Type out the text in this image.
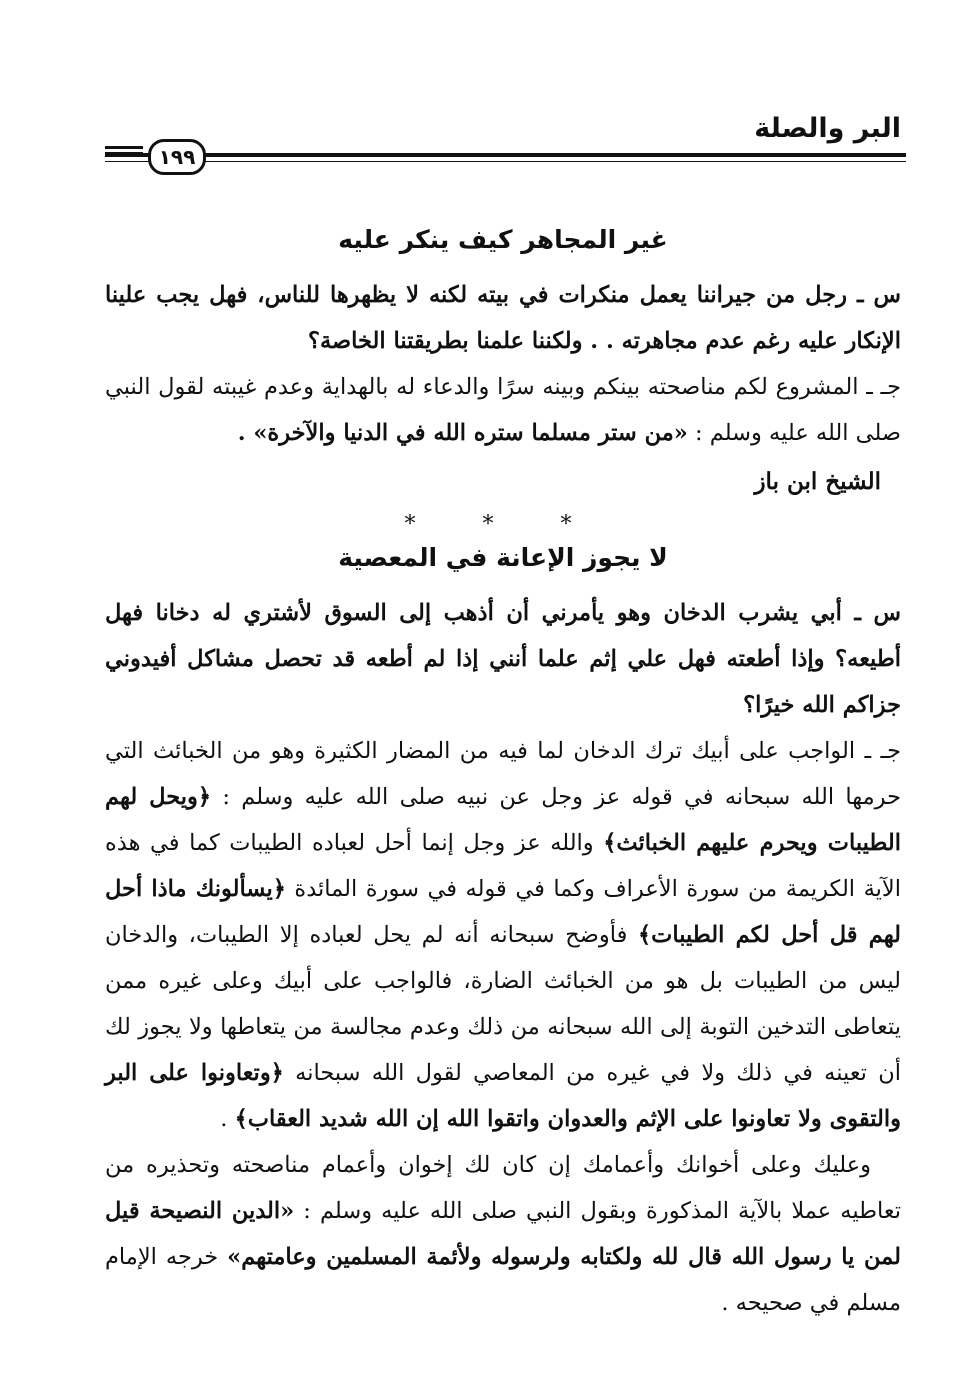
البر والصلة
١٩٩
غير المجاهر كيف ينكر عليه

س ـ رجل من جيراننا يعمل منكرات في بيته لكنه لا يظهرها للناس، فهل يجب علينا الإنكار عليه رغم عدم مجاهرته . . ولكننا علمنا بطريقتنا الخاصة؟

جـ ـ المشروع لكم مناصحته بينكم وبينه سرًا والدعاء له بالهداية وعدم غيبته لقول النبي صلى الله عليه وسلم : «من ستر مسلما ستره الله في الدنيا والآخرة» .

الشيخ ابن باز
* * *
لا يجوز الإعانة في المعصية

س ـ أبي يشرب الدخان وهو يأمرني أن أذهب إلى السوق لأشتري له دخانا فهل أطيعه؟ وإذا أطعته فهل علي إثم علما أنني إذا لم أطعه قد تحصل مشاكل أفيدوني جزاكم الله خيرًا؟

جـ ـ الواجب على أبيك ترك الدخان لما فيه من المضار الكثيرة وهو من الخبائث التي حرمها الله سبحانه في قوله عز وجل عن نبيه صلى الله عليه وسلم : ﴿ويحل لهم الطيبات ويحرم عليهم الخبائث﴾ والله عز وجل إنما أحل لعباده الطيبات كما في هذه الآية الكريمة من سورة الأعراف وكما في قوله في سورة المائدة ﴿يسألونك ماذا أحل لهم قل أحل لكم الطيبات﴾ فأوضح سبحانه أنه لم يحل لعباده إلا الطيبات، والدخان ليس من الطيبات بل هو من الخبائث الضارة، فالواجب على أبيك وعلى غيره ممن يتعاطى التدخين التوبة إلى الله سبحانه من ذلك وعدم مجالسة من يتعاطها ولا يجوز لك أن تعينه في ذلك ولا في غيره من المعاصي لقول الله سبحانه ﴿وتعاونوا على البر والتقوى ولا تعاونوا على الإثم والعدوان واتقوا الله إن الله شديد العقاب﴾ .

وعليك وعلى أخوانك وأعمامك إن كان لك إخوان وأعمام مناصحته وتحذيره من تعاطيه عملا بالآية المذكورة وبقول النبي صلى الله عليه وسلم : «الدين النصيحة قيل لمن يا رسول الله قال لله ولكتابه ولرسوله ولأئمة المسلمين وعامتهم» خرجه الإمام مسلم في صحيحه .
